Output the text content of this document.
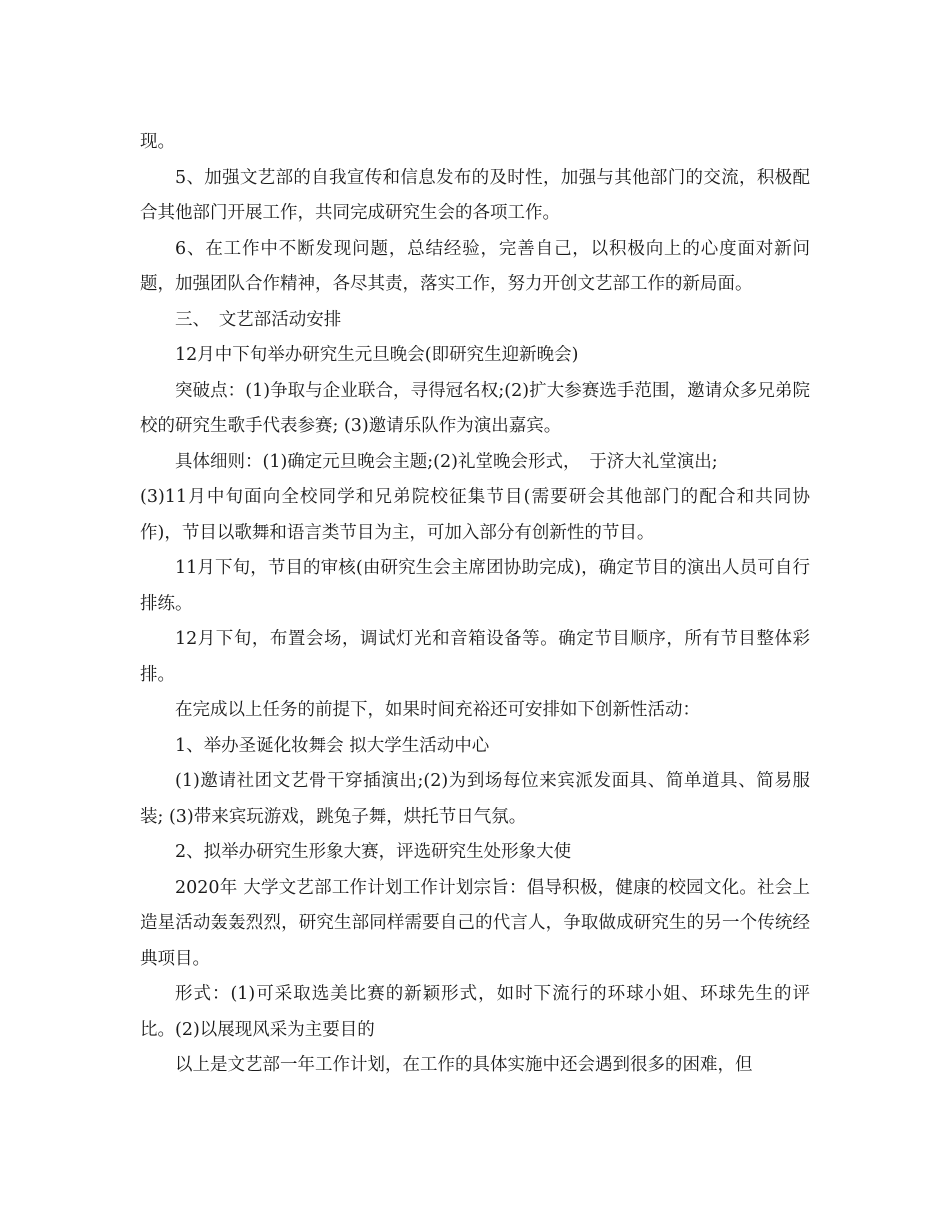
现。

5、加强文艺部的自我宣传和信息发布的及时性，加强与其他部门的交流，积极配合其他部门开展工作，共同完成研究生会的各项工作。

6、在工作中不断发现问题，总结经验，完善自己，以积极向上的心度面对新问题，加强团队合作精神，各尽其责，落实工作，努力开创文艺部工作的新局面。

三、　文艺部活动安排

12月中下旬举办研究生元旦晚会(即研究生迎新晚会)

突破点：(1)争取与企业联合，寻得冠名权;(2)扩大参赛选手范围，邀请众多兄弟院校的研究生歌手代表参赛; (3)邀请乐队作为演出嘉宾。

具体细则：(1)确定元旦晚会主题;(2)礼堂晚会形式，　于济大礼堂演出;

(3)11月中旬面向全校同学和兄弟院校征集节目(需要研会其他部门的配合和共同协作)，节目以歌舞和语言类节目为主，可加入部分有创新性的节目。

11月下旬，节目的审核(由研究生会主席团协助完成)，确定节目的演出人员可自行排练。

12月下旬，布置会场，调试灯光和音箱设备等。确定节目顺序，所有节目整体彩排。

在完成以上任务的前提下，如果时间充裕还可安排如下创新性活动：

1、举办圣诞化妆舞会 拟大学生活动中心

(1)邀请社团文艺骨干穿插演出;(2)为到场每位来宾派发面具、简单道具、简易服装; (3)带来宾玩游戏，跳兔子舞，烘托节日气氛。

2、拟举办研究生形象大赛，评选研究生处形象大使

2020年 大学文艺部工作计划工作计划宗旨：倡导积极，健康的校园文化。社会上造星活动轰轰烈烈，研究生部同样需要自己的代言人，争取做成研究生的另一个传统经典项目。

形式：(1)可采取选美比赛的新颖形式，如时下流行的环球小姐、环球先生的评比。(2)以展现风采为主要目的

以上是文艺部一年工作计划，在工作的具体实施中还会遇到很多的困难，但
